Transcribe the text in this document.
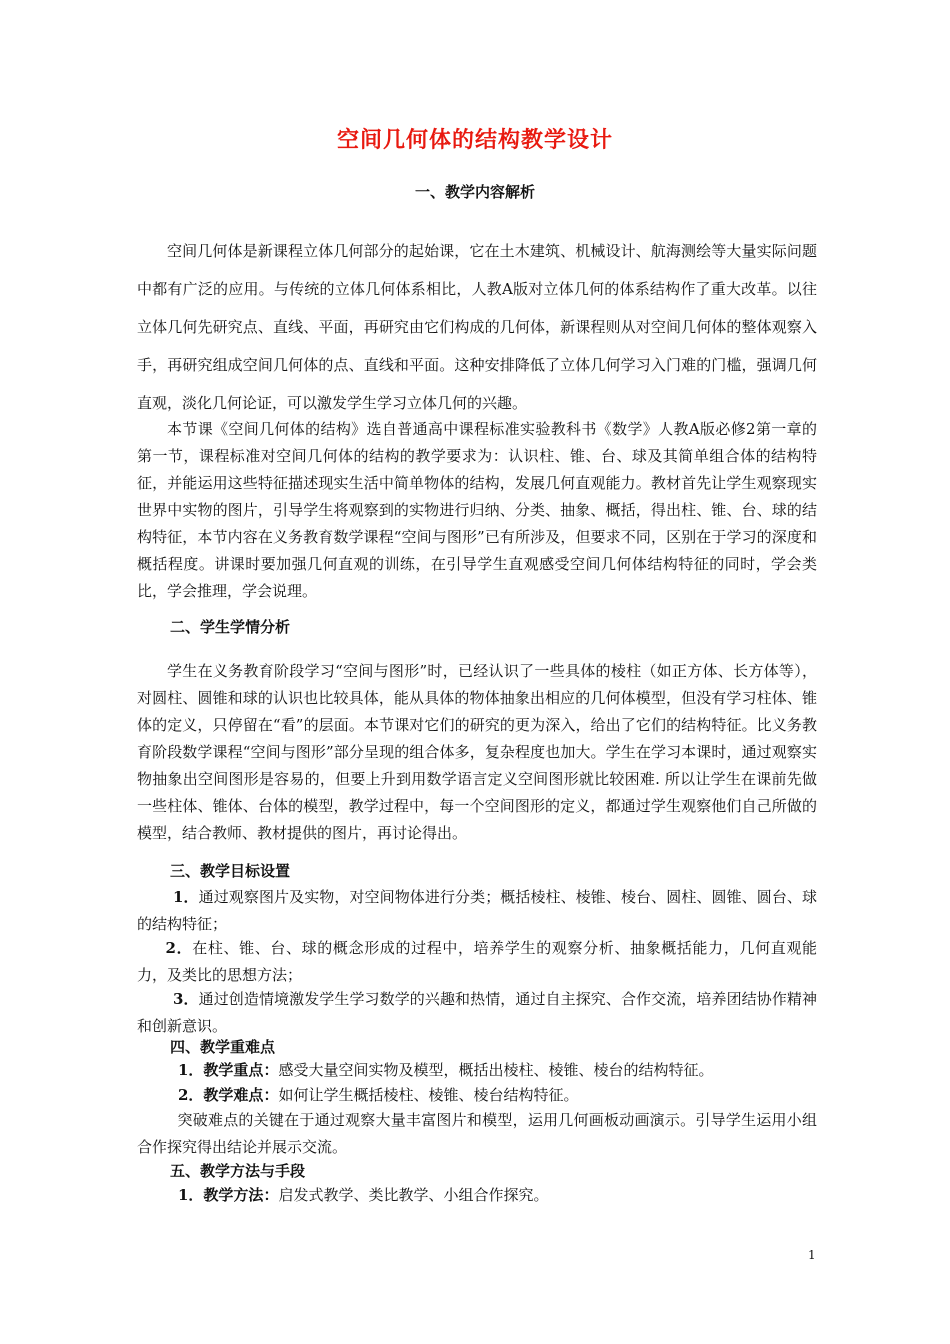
空间几何体的结构教学设计
一、教学内容解析
空间几何体是新课程立体几何部分的起始课，它在土木建筑、机械设计、航海测绘等大量实际问题中都有广泛的应用。与传统的立体几何体系相比，人教A版对立体几何的体系结构作了重大改革。以往立体几何先研究点、直线、平面，再研究由它们构成的几何体，新课程则从对空间几何体的整体观察入手，再研究组成空间几何体的点、直线和平面。这种安排降低了立体几何学习入门难的门槛，强调几何直观，淡化几何论证，可以激发学生学习立体几何的兴趣。
本节课《空间几何体的结构》选自普通高中课程标准实验教科书《数学》人教A版必修2第一章的第一节，课程标准对空间几何体的结构的教学要求为：认识柱、锥、台、球及其简单组合体的结构特征，并能运用这些特征描述现实生活中简单物体的结构，发展几何直观能力。教材首先让学生观察现实世界中实物的图片，引导学生将观察到的实物进行归纳、分类、抽象、概括，得出柱、锥、台、球的结构特征，本节内容在义务教育数学课程“空间与图形”已有所涉及，但要求不同，区别在于学习的深度和概括程度。讲课时要加强几何直观的训练，在引导学生直观感受空间几何体结构特征的同时，学会类比，学会推理，学会说理。
二、学生学情分析
学生在义务教育阶段学习“空间与图形”时，已经认识了一些具体的棱柱（如正方体、长方体等），对圆柱、圆锥和球的认识也比较具体，能从具体的物体抽象出相应的几何体模型，但没有学习柱体、锥体的定义，只停留在“看”的层面。本节课对它们的研究的更为深入，给出了它们的结构特征。比义务教育阶段数学课程“空间与图形”部分呈现的组合体多，复杂程度也加大。学生在学习本课时，通过观察实物抽象出空间图形是容易的，但要上升到用数学语言定义空间图形就比较困难. 所以让学生在课前先做一些柱体、锥体、台体的模型，教学过程中，每一个空间图形的定义，都通过学生观察他们自己所做的模型，结合教师、教材提供的图片，再讨论得出。
三、教学目标设置
1．通过观察图片及实物，对空间物体进行分类；概括棱柱、棱锥、棱台、圆柱、圆锥、圆台、球的结构特征；
2．在柱、锥、台、球的概念形成的过程中，培养学生的观察分析、抽象概括能力，几何直观能力，及类比的思想方法；
3．通过创造情境激发学生学习数学的兴趣和热情，通过自主探究、合作交流，培养团结协作精神和创新意识。
四、教学重难点
1．教学重点：感受大量空间实物及模型，概括出棱柱、棱锥、棱台的结构特征。
2．教学难点：如何让学生概括棱柱、棱锥、棱台结构特征。
突破难点的关键在于通过观察大量丰富图片和模型，运用几何画板动画演示。引导学生运用小组合作探究得出结论并展示交流。
五、教学方法与手段
1．教学方法：启发式教学、类比教学、小组合作探究。
1
